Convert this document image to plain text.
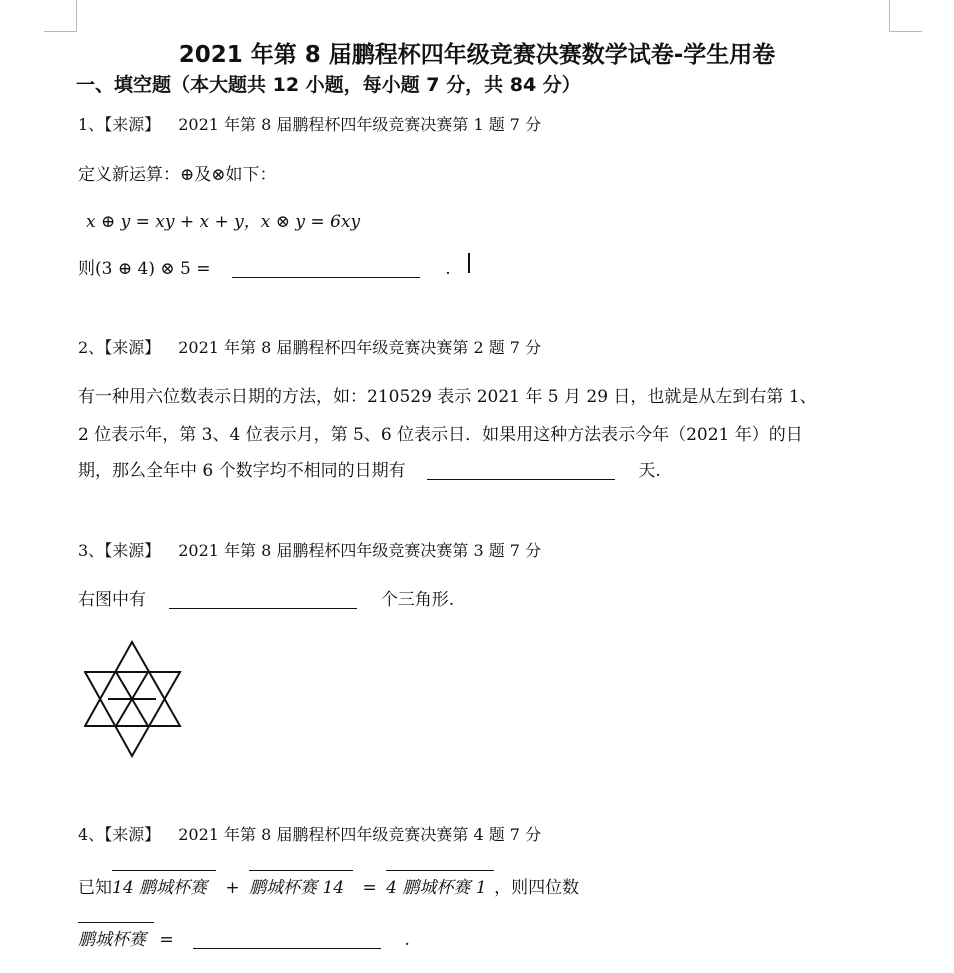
2021 年第 8 届鹏程杯四年级竞赛决赛数学试卷-学生用卷
一、填空题（本大题共 12 小题，每小题 7 分，共 84 分）
1、【来源】 2021 年第 8 届鹏程杯四年级竞赛决赛第 1 题 7 分
定义新运算：⊕及⊗如下：
x ⊕ y = xy + x + y，x ⊗ y = 6xy
则(3 ⊕ 4) ⊗ 5 =	.
2、【来源】 2021 年第 8 届鹏程杯四年级竞赛决赛第 2 题 7 分
有一种用六位数表示日期的方法，如：210529 表示 2021 年 5 月 29 日，也就是从左到右第 1、
2 位表示年，第 3、4 位表示月，第 5、6 位表示日．如果用这种方法表示今年（2021 年）的日
期，那么全年中 6 个数字均不相同的日期有	天.
3、【来源】 2021 年第 8 届鹏程杯四年级竞赛决赛第 3 题 7 分
右图中有	个三角形.
4、【来源】 2021 年第 8 届鹏程杯四年级竞赛决赛第 4 题 7 分
已知14 鹏城杯赛 + 鹏城杯赛 14 = 4 鹏城杯赛 1 ，则四位数
鹏城杯赛 =	.
